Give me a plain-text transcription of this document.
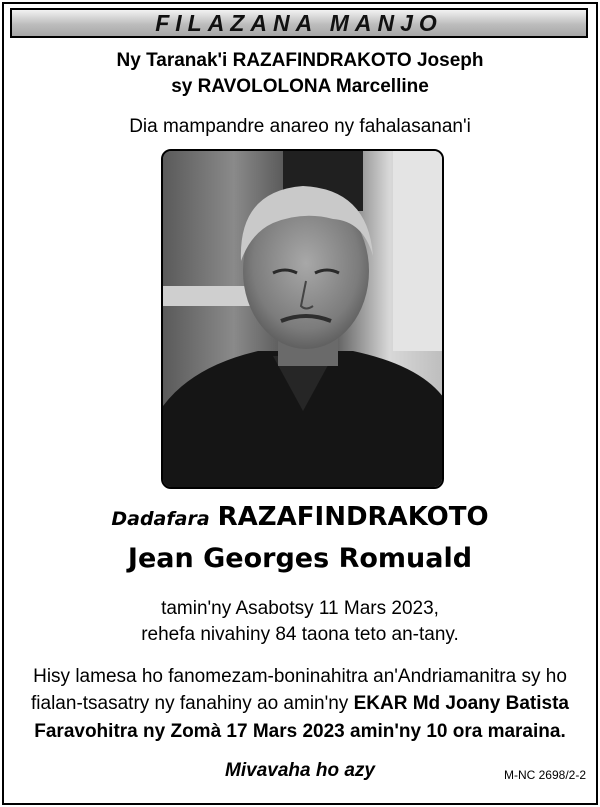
FILAZANA MANJO
Ny Taranak'i RAZAFINDRAKOTO Joseph
sy RAVOLOLONA Marcelline
Dia mampandre anareo ny fahalasanan'i
Dadafara RAZAFINDRAKOTO
Jean Georges Romuald
tamin'ny Asabotsy 11 Mars 2023,
rehefa nivahiny 84 taona teto an-tany.
Hisy lamesa ho fanomezam-boninahitra an'Andriamanitra sy ho
fialan-tsasatry ny fanahiny ao amin'ny EKAR Md Joany Batista
Faravohitra ny Zomà 17 Mars 2023 amin'ny 10 ora maraina.
Mivavaha ho azy	M-NC 2698/2-2
